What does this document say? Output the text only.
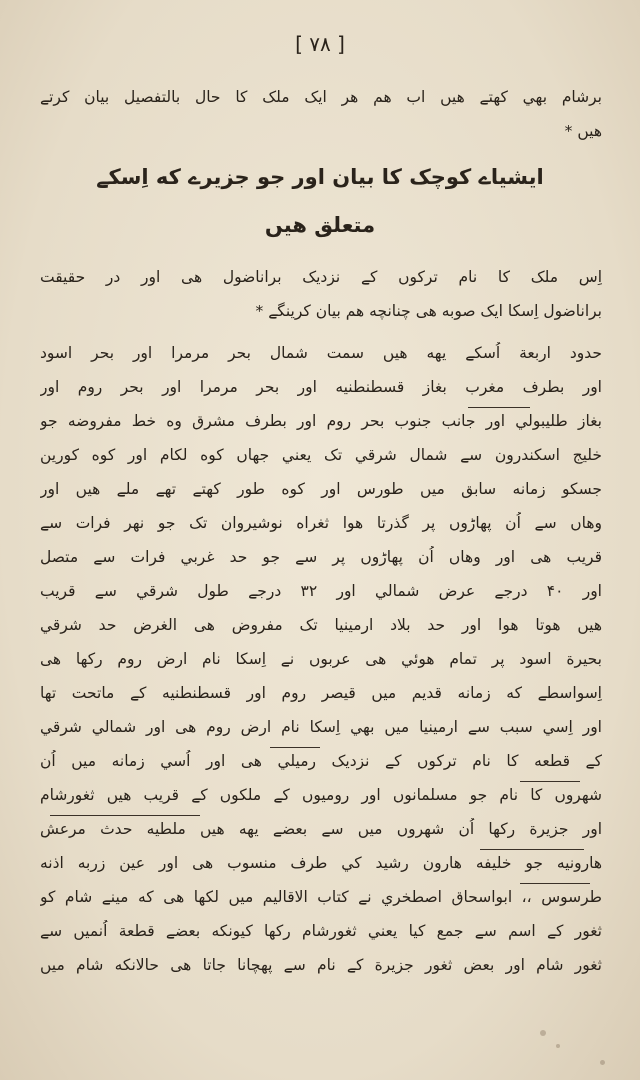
[ ۷۸ ]
برشام بهي كهتے هيں اب هم هر ايک ملک كا حال بالتفصيل بيان كرتے
هيں *
ايشياے كوچک كا بيان اور جو جزيرے كه اِسكے
متعلق هيں
اِس ملک كا نام تركوں كے نزديک براناضول هی اور در حقيقت
براناضول اِسكا ايک صوبه هی چنانچه هم بيان كرينگے *
حدود اربعة اُسكے يهه هيں سمت شمال بحر مرمرا اور بحر اسود
اور بطرف مغرب بغاز قسطنطنيه اور بحر مرمرا اور بحر روم اور
بغاز طليبولي اور جانب جنوب بحر روم اور بطرف مشرق وه خط مفروضه جو
خليج اسكندرون سے شمال شرقي تک يعني جهاں كوه لكام اور كوه كورين
جسكو زمانه سابق ميں طورس اور كوه طور كهتے تهے ملے هيں اور
وهاں سے اُن پهاڑوں پر گذرتا هوا ثغراه نوشيروان تک جو نهر فرات سے
قريب هی اور وهاں اُن پهاڑوں پر سے جو حد غربي فرات سے متصل
اور ۴۰ درجے عرض شمالي اور ۳۲ درجے طول شرقي سے قريب
هيں هوتا هوا اور حد بلاد ارمينيا تک مفروض هی الغرض حد شرقي
بحيرة اسود پر تمام هوئي هی عربوں نے اِسكا نام ارض روم ركها هی
اِسواسطے كه زمانه قديم ميں قيصر روم اور قسطنطنيه كے ماتحت تها
اور اِسي سبب سے ارمينيا ميں بهي اِسكا نام ارض روم هی اور شمالي شرقي
كے قطعه كا نام تركوں كے نزديک رميلي هی اور اُسي زمانه ميں اُن
شهروں كا نام جو مسلمانوں اور روميوں كے ملكوں كے قريب هيں ثغورشام
اور جزيرة ركها اُن شهروں ميں سے بعضے يهه هيں ملطيه حدث مرعش
هارونيه جو خليفه هارون رشيد كي طرف منسوب هی اور عين زربه اذنه
طرسوس ،، ابواسحاق اصطخري نے كتاب الاقاليم ميں لكها هی كه مينے شام كو
ثغور كے اسم سے جمع كيا يعني ثغورشام ركها كيونكه بعضے قطعة اُنميں سے
ثغور شام اور بعض ثغور جزيرة كے نام سے پهچانا جاتا هی حالانكه شام ميں
